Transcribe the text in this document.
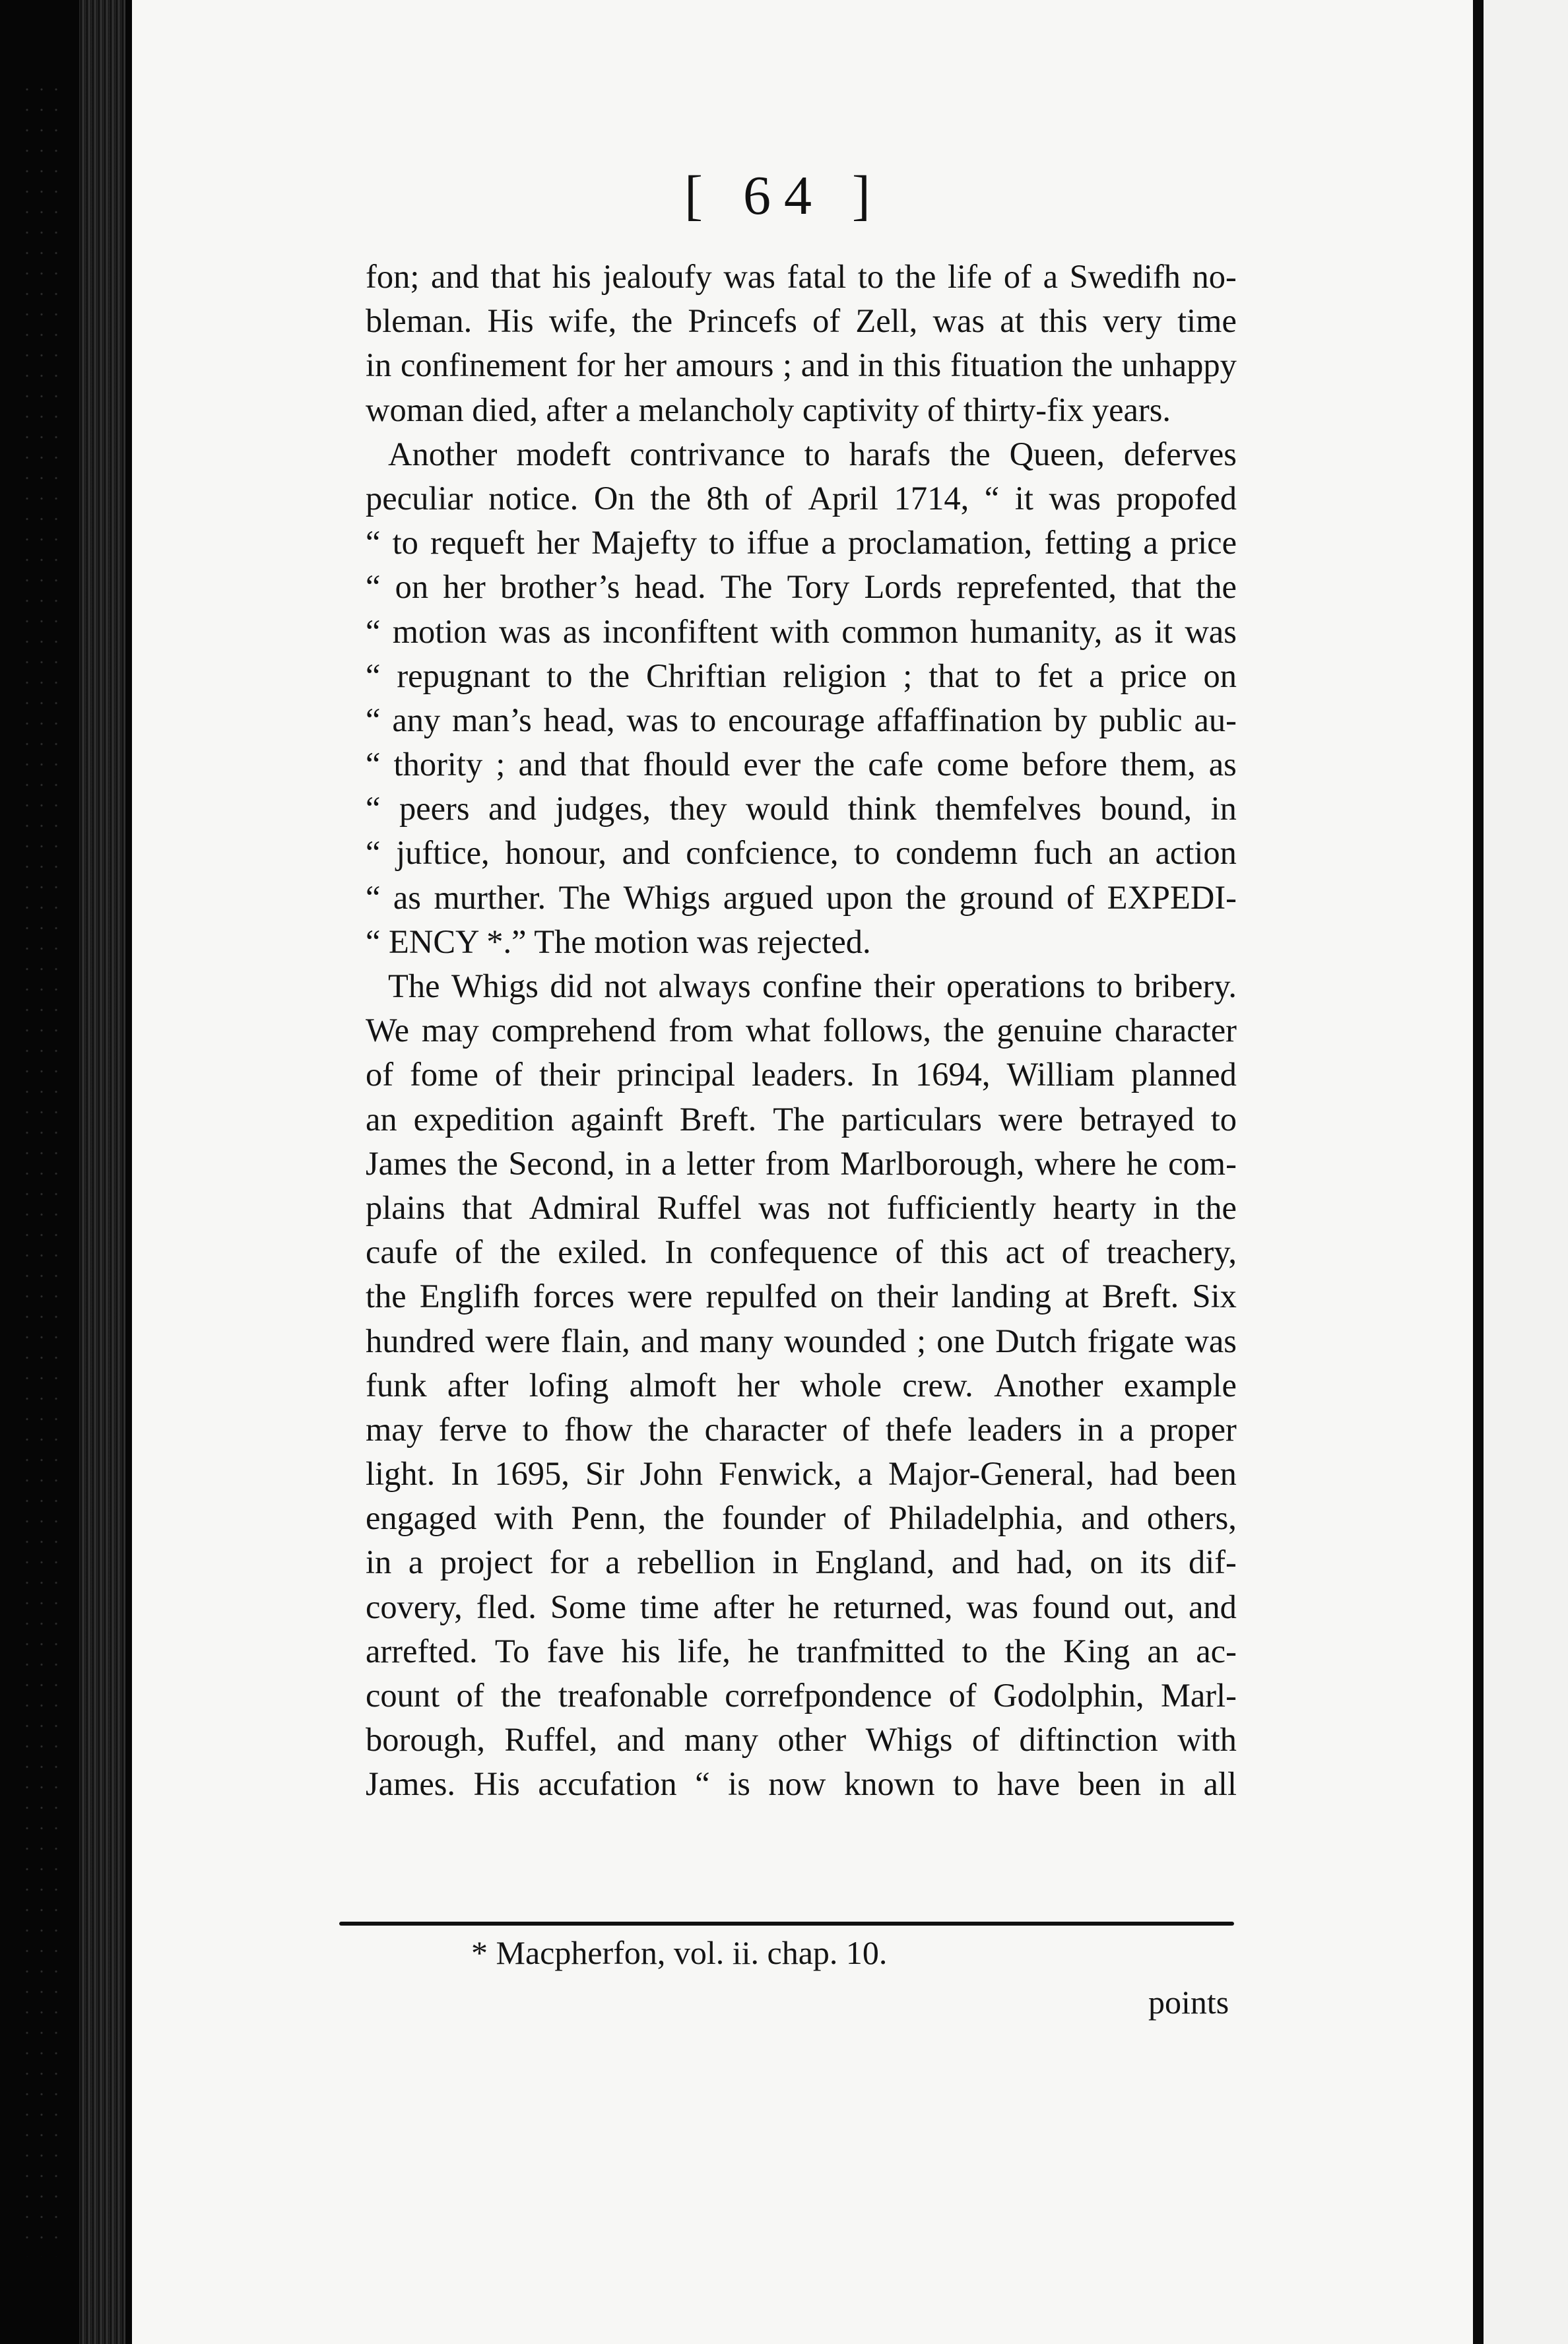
[ 64 ]
fon; and that his jealoufy was fatal to the life of a Swedifh no-
bleman. His wife, the Princefs of Zell, was at this very time
in confinement for her amours ; and in this fituation the unhappy
woman died, after a melancholy captivity of thirty-fix years.
Another modeft contrivance to harafs the Queen, deferves
peculiar notice. On the 8th of April 1714, “ it was propofed
“ to requeft her Majefty to iffue a proclamation, fetting a price
“ on her brother’s head. The Tory Lords reprefented, that the
“ motion was as inconfiftent with common humanity, as it was
“ repugnant to the Chriftian religion ; that to fet a price on
“ any man’s head, was to encourage affaffination by public au-
“ thority ; and that fhould ever the cafe come before them, as
“ peers and judges, they would think themfelves bound, in
“ juftice, honour, and confcience, to condemn fuch an action
“ as murther. The Whigs argued upon the ground of EXPEDI-
“ ENCY *.” The motion was rejected.
The Whigs did not always confine their operations to bribery.
We may comprehend from what follows, the genuine character
of fome of their principal leaders. In 1694, William planned
an expedition againft Breft. The particulars were betrayed to
James the Second, in a letter from Marlborough, where he com-
plains that Admiral Ruffel was not fufficiently hearty in the
caufe of the exiled. In confequence of this act of treachery,
the Englifh forces were repulfed on their landing at Breft. Six
hundred were flain, and many wounded ; one Dutch frigate was
funk after lofing almoft her whole crew. Another example
may ferve to fhow the character of thefe leaders in a proper
light. In 1695, Sir John Fenwick, a Major-General, had been
engaged with Penn, the founder of Philadelphia, and others,
in a project for a rebellion in England, and had, on its dif-
covery, fled. Some time after he returned, was found out, and
arrefted. To fave his life, he tranfmitted to the King an ac-
count of the treafonable correfpondence of Godolphin, Marl-
borough, Ruffel, and many other Whigs of diftinction with
James. His accufation “ is now known to have been in all
* Macpherfon, vol. ii. chap. 10.
points
